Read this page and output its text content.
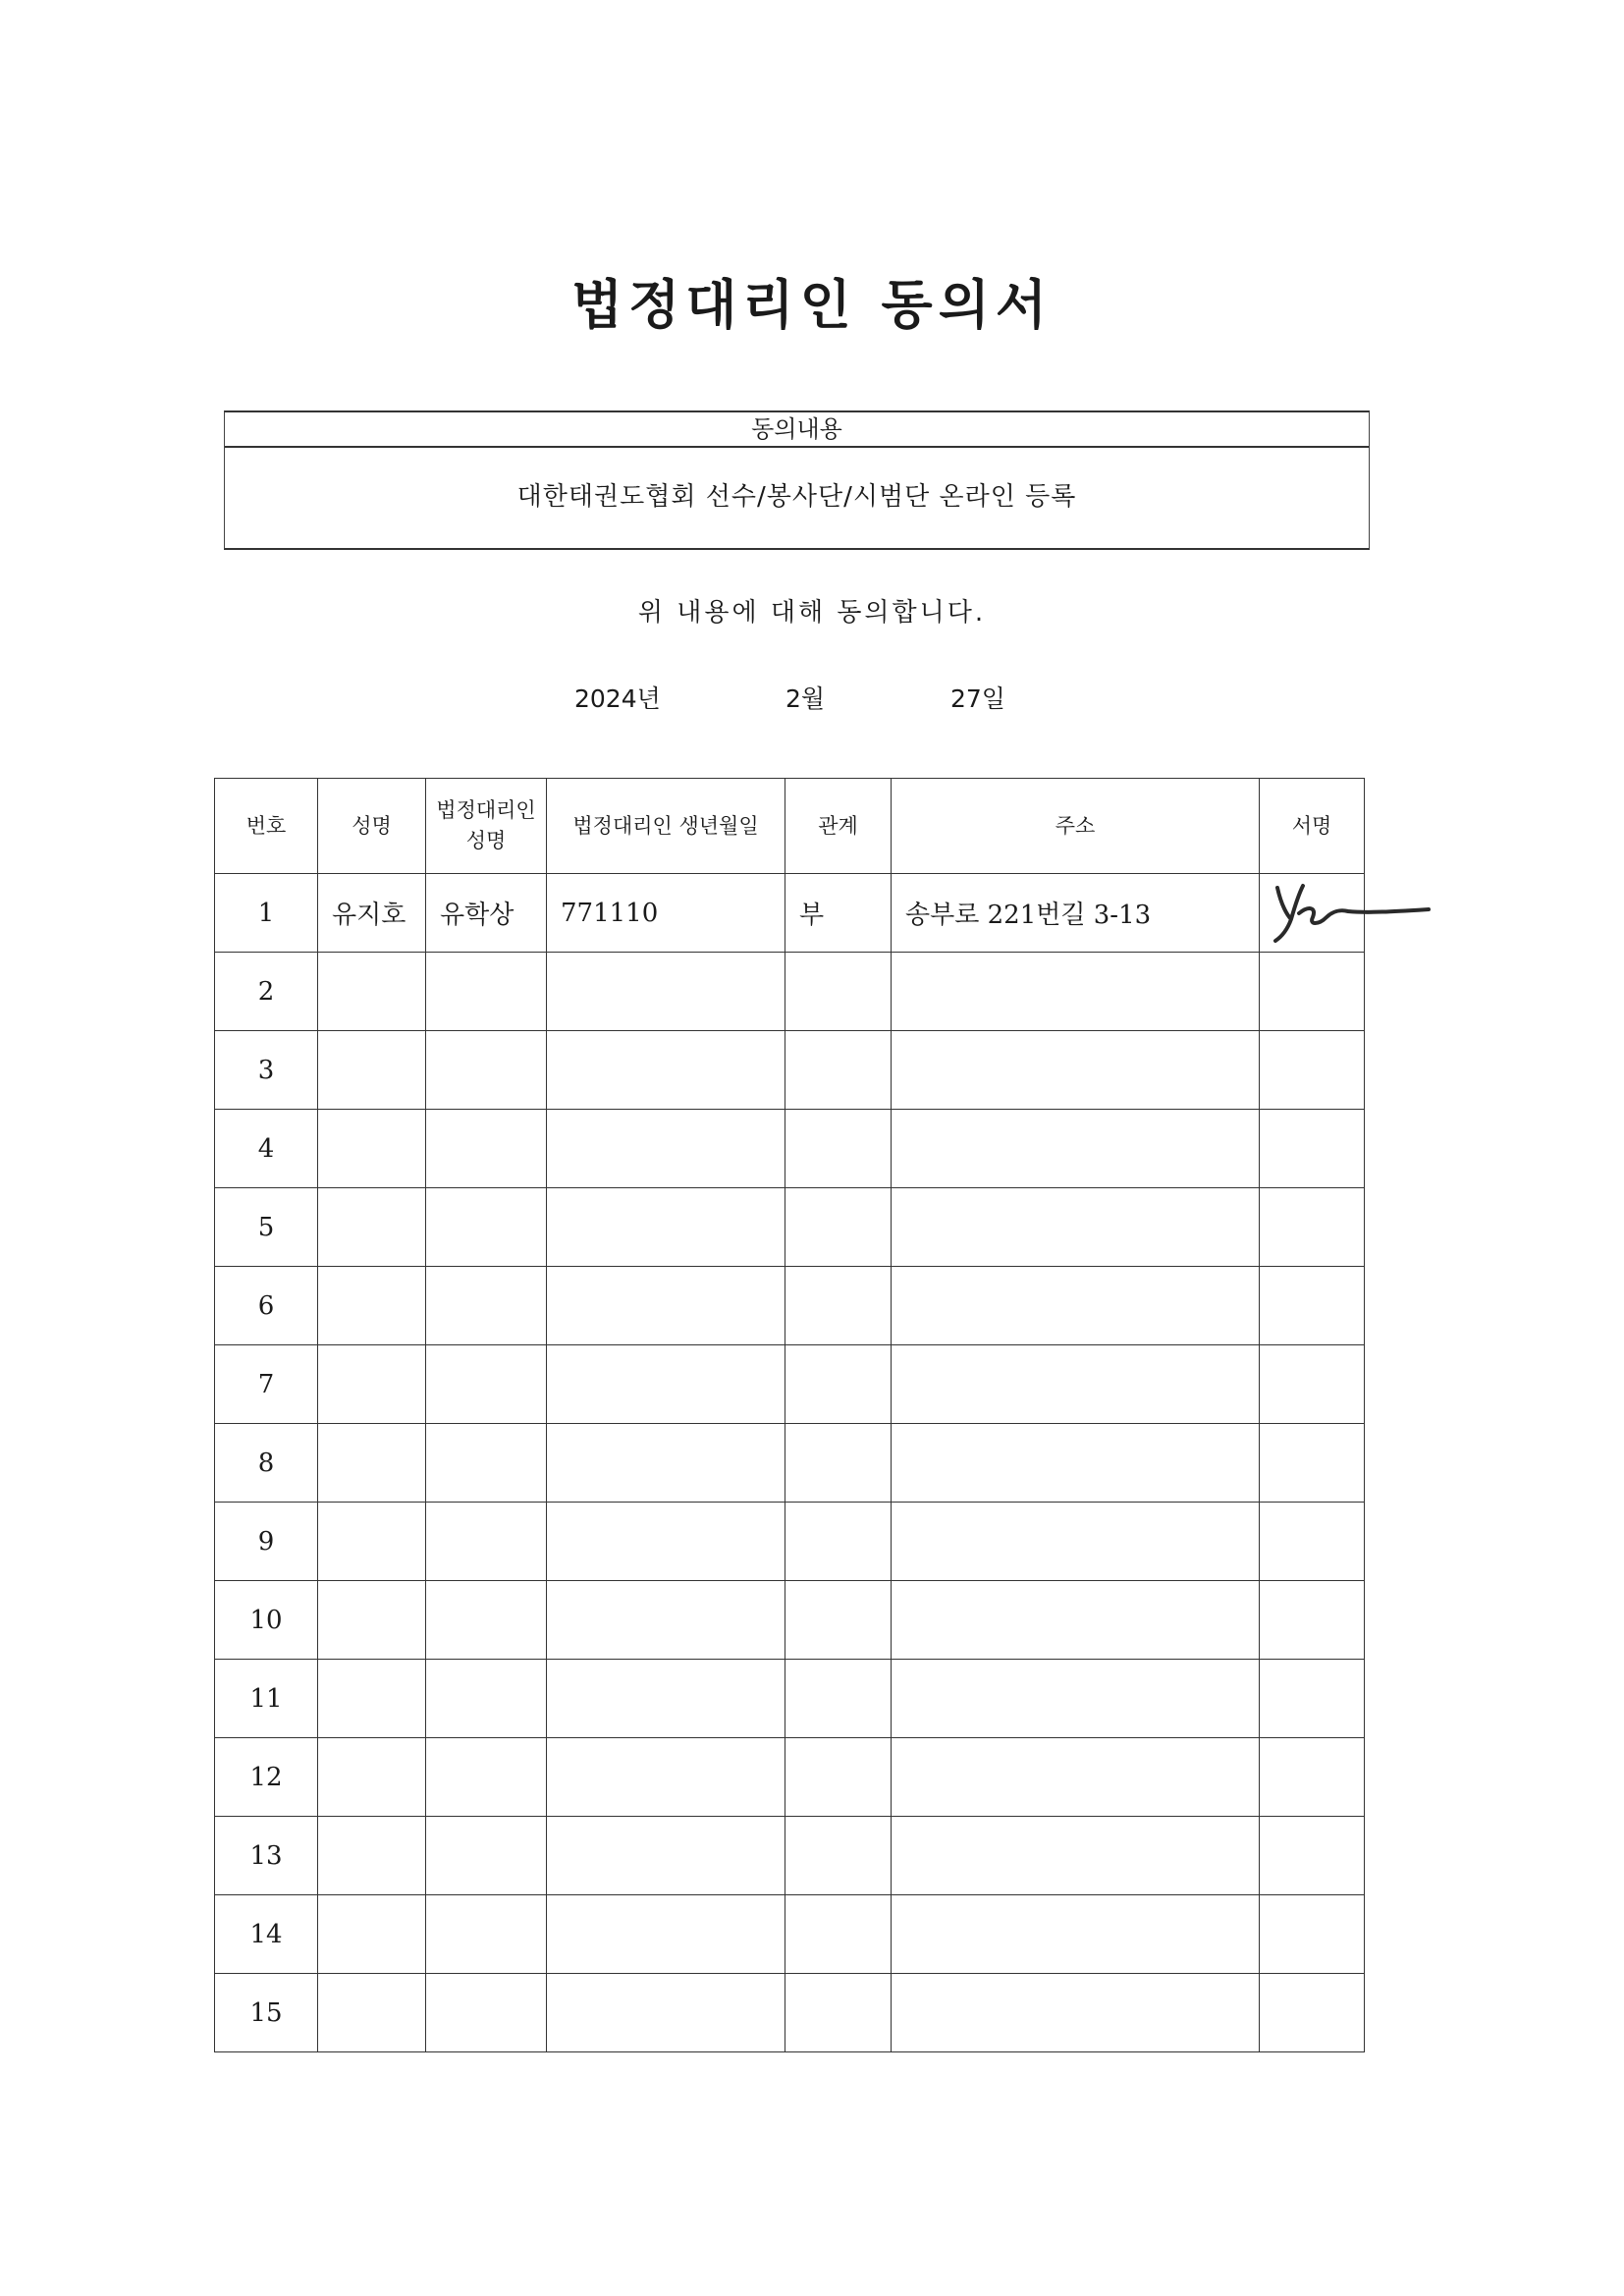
법정대리인 동의서
동의내용
대한태권도협회 선수/봉사단/시범단 온라인 등록
위 내용에 대해 동의합니다.
2024년	2월	27일
번호	성명	법정대리인 성명	법정대리인 생년월일	관계	주소	서명
1	유지호	유학상	771110	부	송부로 221번길 3-13	

2						
3						
4						
5						
6						
7						
8						
9						
10						
11						
12						
13						
14						
15						
